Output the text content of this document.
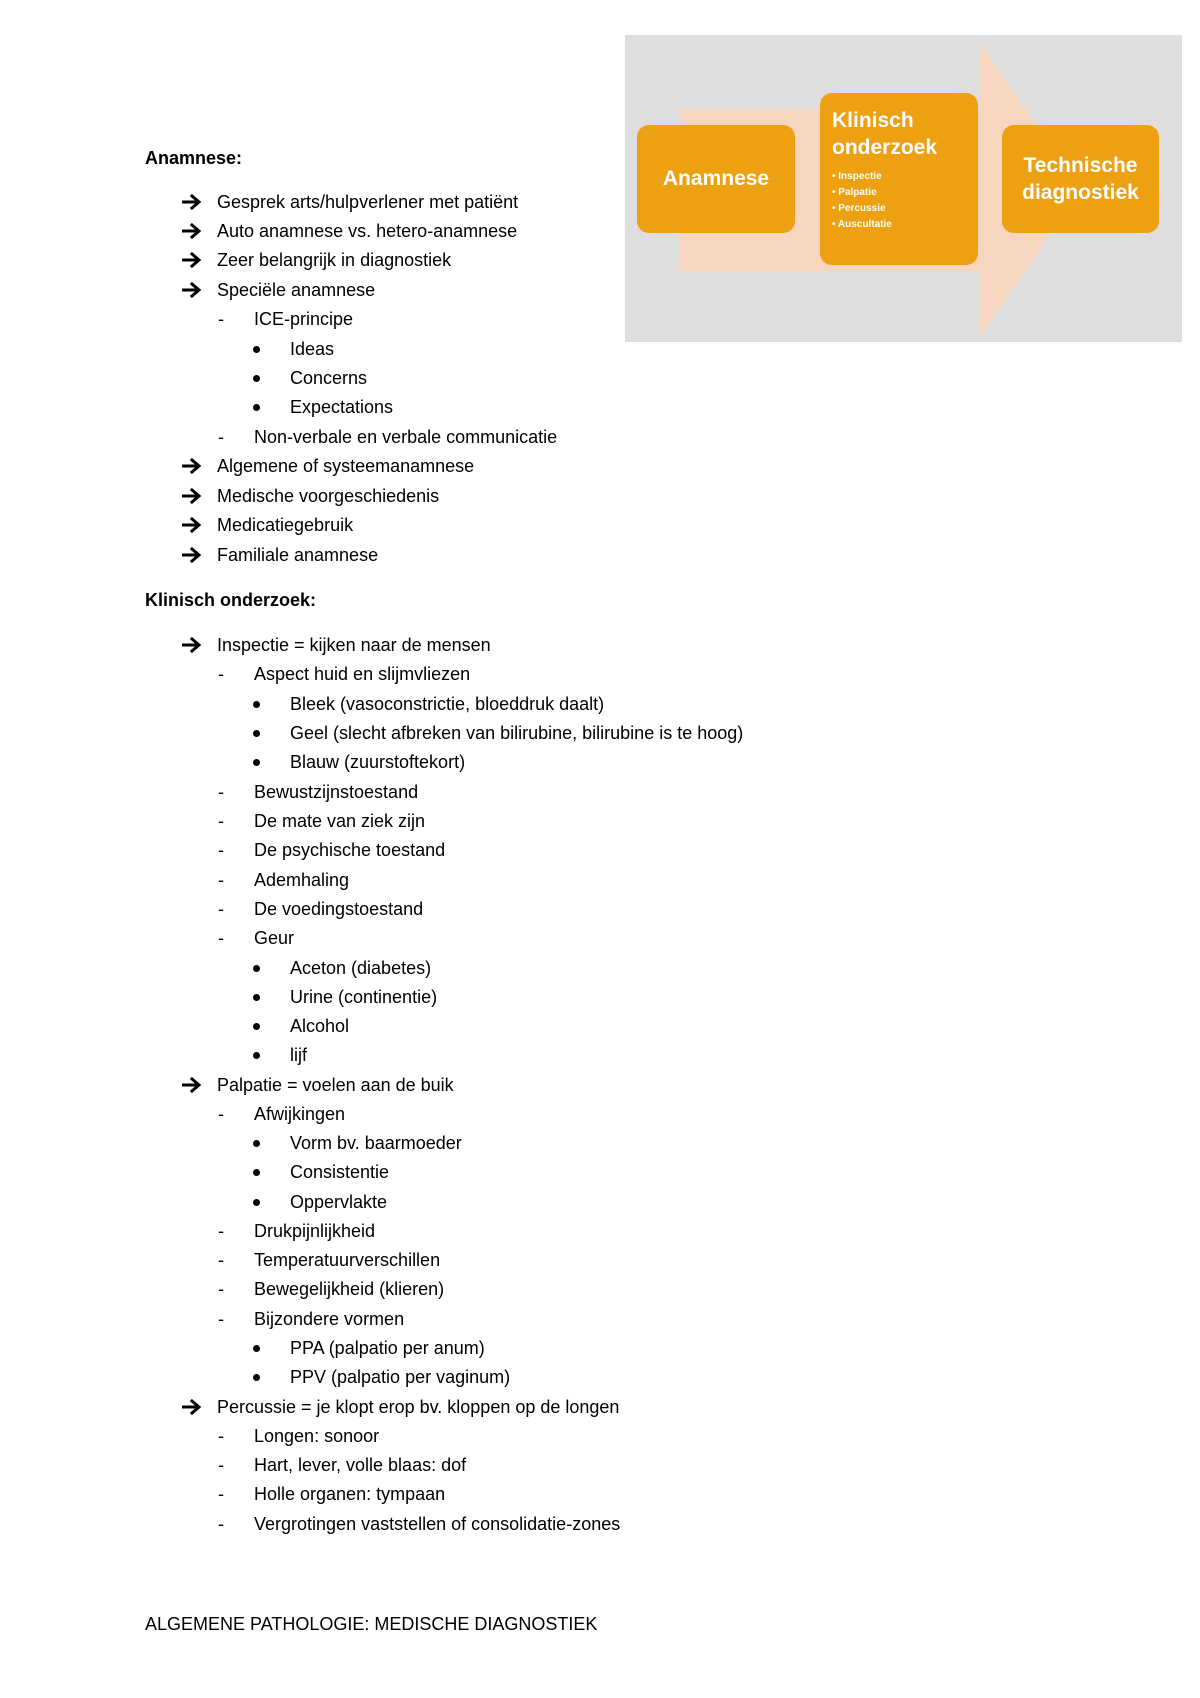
Anamnese
Klinisch
onderzoek
• Inspectie
• Palpatie
• Percussie
• Auscultatie
Technische
diagnostiek
Anamnese:
Gesprek arts/hulpverlener met patiënt
Auto anamnese vs. hetero-anamnese
Zeer belangrijk in diagnostiek
Speciële anamnese
- ICE-principe
Ideas
Concerns
Expectations
- Non-verbale en verbale communicatie
Algemene of systeemanamnese
Medische voorgeschiedenis
Medicatiegebruik
Familiale anamnese
Klinisch onderzoek:
Inspectie = kijken naar de mensen
- Aspect huid en slijmvliezen
Bleek (vasoconstrictie, bloeddruk daalt)
Geel (slecht afbreken van bilirubine, bilirubine is te hoog)
Blauw (zuurstoftekort)
- Bewustzijnstoestand
- De mate van ziek zijn
- De psychische toestand
- Ademhaling
- De voedingstoestand
- Geur
Aceton (diabetes)
Urine (continentie)
Alcohol
lijf
Palpatie = voelen aan de buik
- Afwijkingen
Vorm bv. baarmoeder
Consistentie
Oppervlakte
- Drukpijnlijkheid
- Temperatuurverschillen
- Bewegelijkheid (klieren)
- Bijzondere vormen
PPA (palpatio per anum)
PPV (palpatio per vaginum)
Percussie = je klopt erop bv. kloppen op de longen
- Longen: sonoor
- Hart, lever, volle blaas: dof
- Holle organen: tympaan
- Vergrotingen vaststellen of consolidatie-zones
ALGEMENE PATHOLOGIE: MEDISCHE DIAGNOSTIEK
